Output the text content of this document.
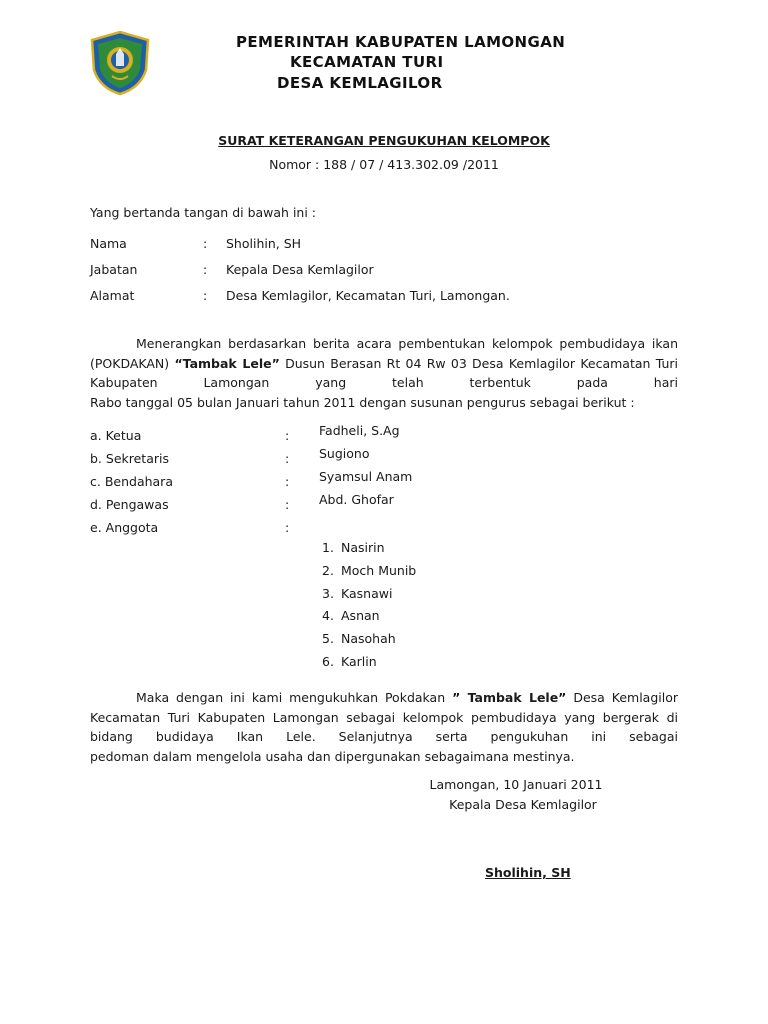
PEMERINTAH KABUPATEN LAMONGAN
KECAMATAN TURI
DESA KEMLAGILOR
SURAT KETERANGAN PENGUKUHAN KELOMPOK
Nomor : 188 / 07 / 413.302.09 /2011
Yang bertanda tangan di bawah ini :
Nama	: Sholihin, SH
Jabatan	: Kepala Desa Kemlagilor
Alamat	: Desa Kemlagilor, Kecamatan Turi, Lamongan.
Menerangkan berdasarkan berita acara pembentukan kelompok pembudidaya ikan (POKDAKAN) “Tambak Lele” Dusun Berasan Rt 04 Rw 03 Desa Kemlagilor Kecamatan Turi Kabupaten Lamongan yang telah terbentuk pada hari
Rabo tanggal 05 bulan Januari tahun 2011 dengan susunan pengurus sebagai berikut :
a. Ketua	: Fadheli, S.Ag
b. Sekretaris	: Sugiono
c. Bendahara	: Syamsul Anam
d. Pengawas	: Abd. Ghofar
e. Anggota	:
1. Nasirin
2. Moch Munib
3. Kasnawi
4. Asnan
5. Nasohah
6. Karlin
Maka dengan ini kami mengukuhkan Pokdakan ” Tambak Lele” Desa Kemlagilor Kecamatan Turi Kabupaten Lamongan sebagai kelompok pembudidaya yang bergerak di bidang budidaya Ikan Lele. Selanjutnya serta pengukuhan ini sebagai
pedoman dalam mengelola usaha dan dipergunakan sebagaimana mestinya.
Lamongan, 10 Januari 2011
Kepala Desa Kemlagilor
Sholihin, SH
